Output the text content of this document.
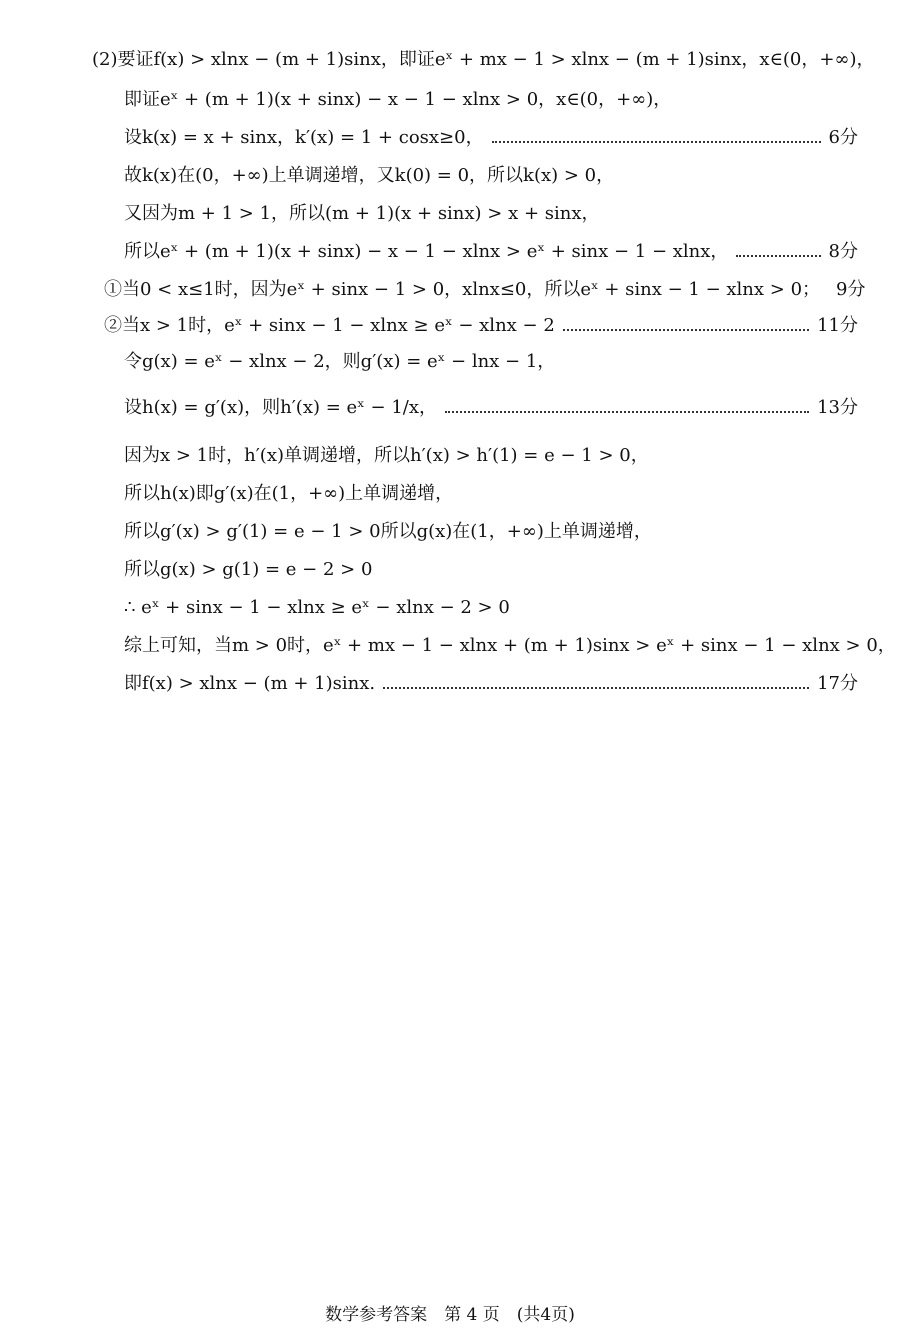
(2)要证f(x) > xlnx − (m + 1)sinx，即证eˣ + mx − 1 > xlnx − (m + 1)sinx，x∈(0，+∞)，
即证eˣ + (m + 1)(x + sinx) − x − 1 − xlnx > 0，x∈(0，+∞)，
设k(x) = x + sinx，k′(x) = 1 + cosx≥0，	6分
故k(x)在(0，+∞)上单调递增，又k(0) = 0，所以k(x) > 0，
又因为m + 1 > 1，所以(m + 1)(x + sinx) > x + sinx，
所以eˣ + (m + 1)(x + sinx) − x − 1 − xlnx > eˣ + sinx − 1 − xlnx，	8分
①当0 < x≤1时，因为eˣ + sinx − 1 > 0，xlnx≤0，所以eˣ + sinx − 1 − xlnx > 0； 9分
②当x > 1时，eˣ + sinx − 1 − xlnx ≥ eˣ − xlnx − 2	11分
令g(x) = eˣ − xlnx − 2，则g′(x) = eˣ − lnx − 1，
设h(x) = g′(x)，则h′(x) = eˣ − 1/x，	13分
因为x > 1时，h′(x)单调递增，所以h′(x) > h′(1) = e − 1 > 0，
所以h(x)即g′(x)在(1，+∞)上单调递增，
所以g′(x) > g′(1) = e − 1 > 0所以g(x)在(1，+∞)上单调递增，
所以g(x) > g(1) = e − 2 > 0
∴ eˣ + sinx − 1 − xlnx ≥ eˣ − xlnx − 2 > 0
综上可知，当m > 0时，eˣ + mx − 1 − xlnx + (m + 1)sinx > eˣ + sinx − 1 − xlnx > 0，
即f(x) > xlnx − (m + 1)sinx.	17分
数学参考答案　第 4 页　(共4页)
